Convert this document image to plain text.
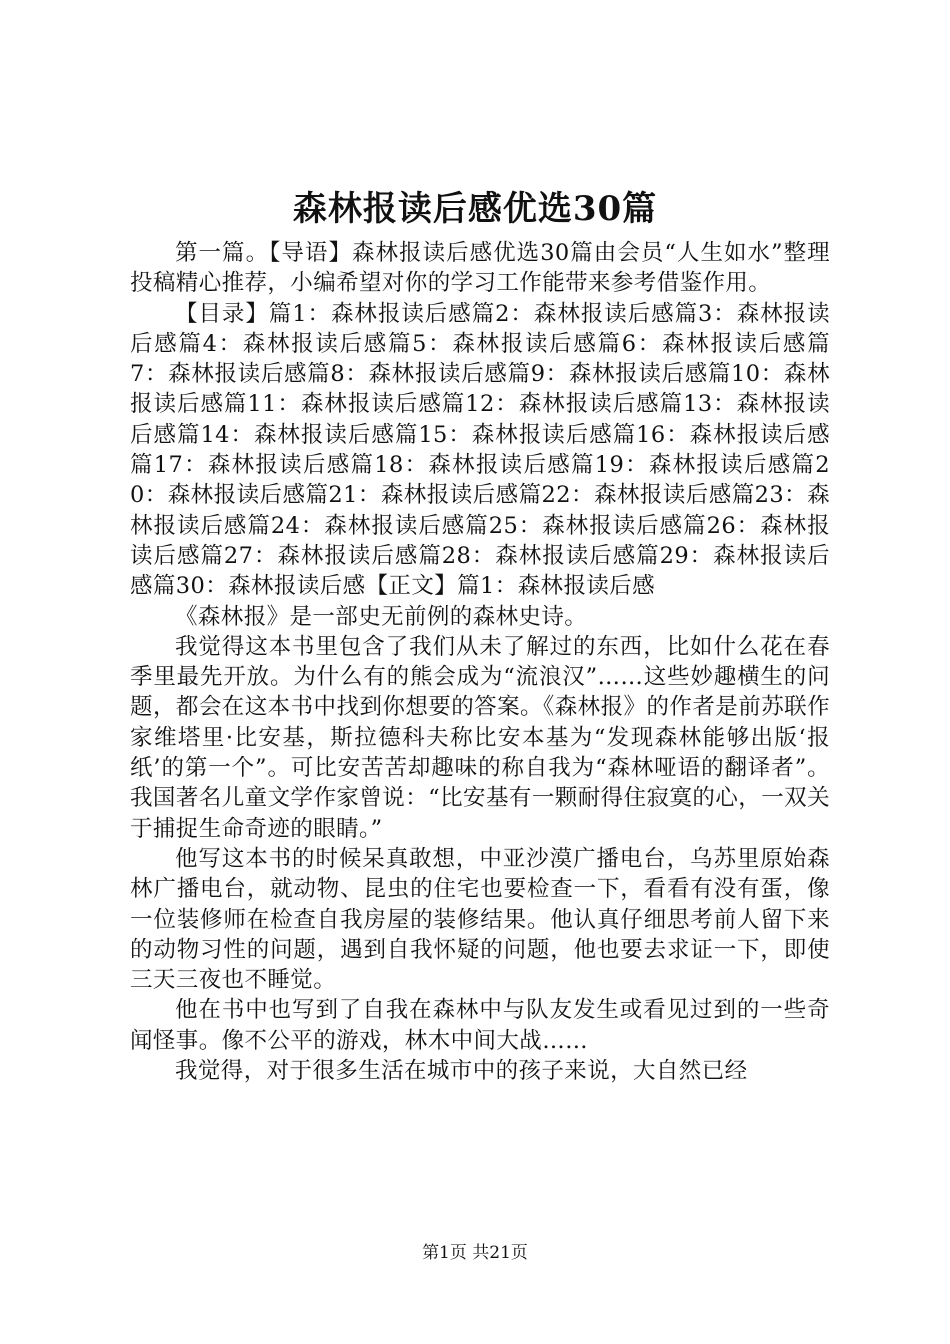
森林报读后感优选30篇

第一篇。【导语】森林报读后感优选30篇由会员“人生如水”整理投稿精心推荐，小编希望对你的学习工作能带来参考借鉴作用。

【目录】篇1：森林报读后感篇2：森林报读后感篇3：森林报读后感篇4：森林报读后感篇5：森林报读后感篇6：森林报读后感篇7：森林报读后感篇8：森林报读后感篇9：森林报读后感篇10：森林报读后感篇11：森林报读后感篇12：森林报读后感篇13：森林报读后感篇14：森林报读后感篇15：森林报读后感篇16：森林报读后感篇17：森林报读后感篇18：森林报读后感篇19：森林报读后感篇20：森林报读后感篇21：森林报读后感篇22：森林报读后感篇23：森林报读后感篇24：森林报读后感篇25：森林报读后感篇26：森林报读后感篇27：森林报读后感篇28：森林报读后感篇29：森林报读后感篇30：森林报读后感【正文】篇1：森林报读后感

《森林报》是一部史无前例的森林史诗。

我觉得这本书里包含了我们从未了解过的东西，比如什么花在春季里最先开放。为什么有的熊会成为“流浪汉”……这些妙趣横生的问题，都会在这本书中找到你想要的答案。《森林报》的作者是前苏联作家维塔里·比安基，斯拉德科夫称比安本基为“发现森林能够出版‘报纸’的第一个”。可比安苦苦却趣味的称自我为“森林哑语的翻译者”。我国著名儿童文学作家曾说：“比安基有一颗耐得住寂寞的心，一双关于捕捉生命奇迹的眼睛。”

他写这本书的时候呆真敢想，中亚沙漠广播电台，乌苏里原始森林广播电台，就动物、昆虫的住宅也要检查一下，看看有没有蛋，像一位装修师在检查自我房屋的装修结果。他认真仔细思考前人留下来的动物习性的问题，遇到自我怀疑的问题，他也要去求证一下，即使三天三夜也不睡觉。

他在书中也写到了自我在森林中与队友发生或看见过到的一些奇闻怪事。像不公平的游戏，林木中间大战……

我觉得，对于很多生活在城市中的孩子来说，大自然已经

第1页 共21页
